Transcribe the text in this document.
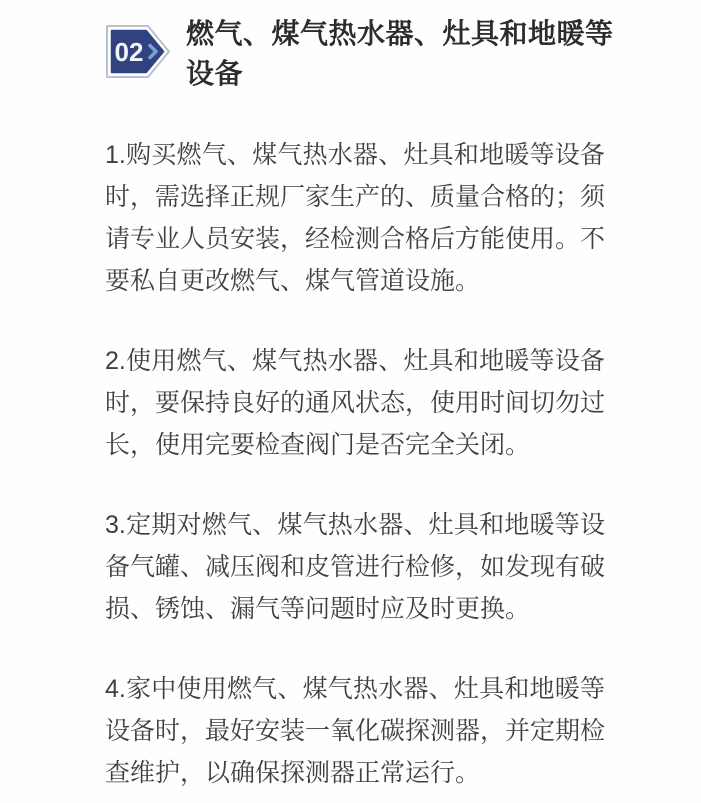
02
燃气、煤气热水器、灶具和地暖等设备

1.购买燃气、煤气热水器、灶具和地暖等设备时，需选择正规厂家生产的、质量合格的；须请专业人员安装，经检测合格后方能使用。不要私自更改燃气、煤气管道设施。

2.使用燃气、煤气热水器、灶具和地暖等设备时，要保持良好的通风状态，使用时间切勿过长，使用完要检查阀门是否完全关闭。

3.定期对燃气、煤气热水器、灶具和地暖等设备气罐、减压阀和皮管进行检修，如发现有破损、锈蚀、漏气等问题时应及时更换。

4.家中使用燃气、煤气热水器、灶具和地暖等设备时，最好安装一氧化碳探测器，并定期检查维护，以确保探测器正常运行。
